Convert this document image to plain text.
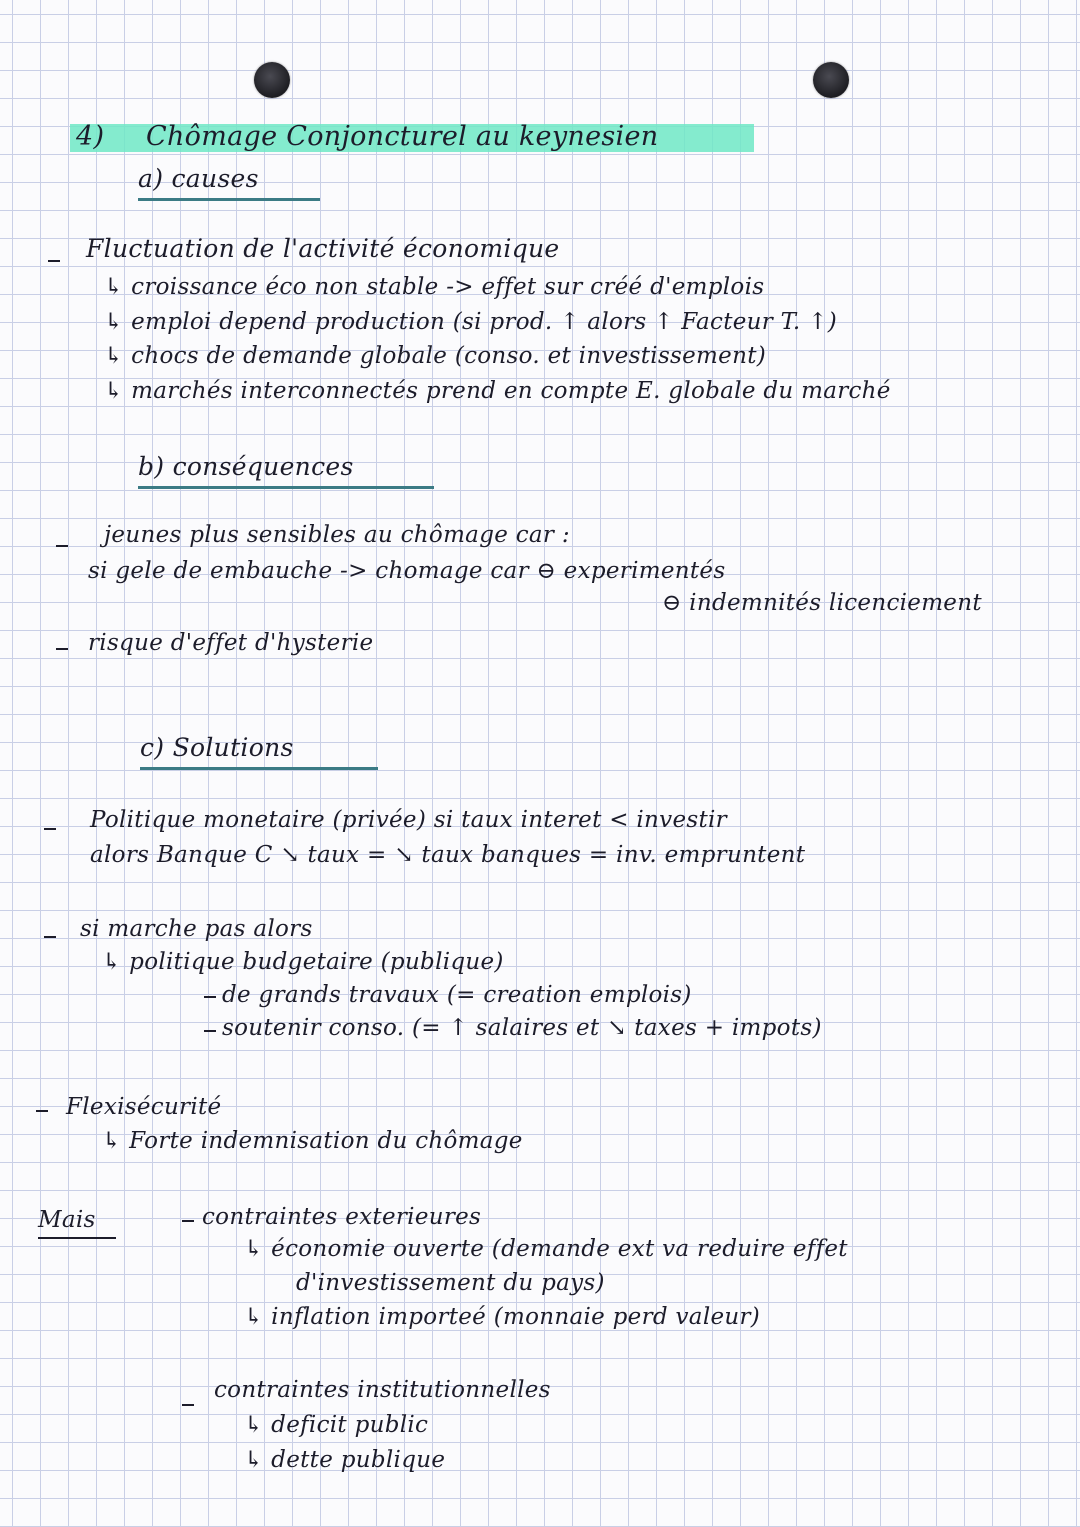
4) Chômage Conjoncturel au keynesien
a) causes
Fluctuation de l'activité économique
↳ croissance éco non stable -> effet sur créé d'emplois
↳ emploi depend production (si prod. ↑ alors ↑ Facteur T. ↑)
↳ chocs de demande globale (conso. et investissement)
↳ marchés interconnectés prend en compte E. globale du marché
b) conséquences
jeunes plus sensibles au chômage car :
si gele de embauche -> chomage car ⊖ experimentés
⊖ indemnités licenciement
risque d'effet d'hysterie
c) Solutions
Politique monetaire (privée) si taux interet < investir
alors Banque C ↘ taux = ↘ taux banques = inv. empruntent
si marche pas alors
↳ politique budgetaire (publique)
de grands travaux (= creation emplois)
soutenir conso. (= ↑ salaires et ↘ taxes + impots)
Flexisécurité
↳ Forte indemnisation du chômage
Mais	contraintes exterieures
↳ économie ouverte (demande ext va reduire effet
d'investissement du pays)
↳ inflation importeé (monnaie perd valeur)
contraintes institutionnelles
↳ deficit public
↳ dette publique
